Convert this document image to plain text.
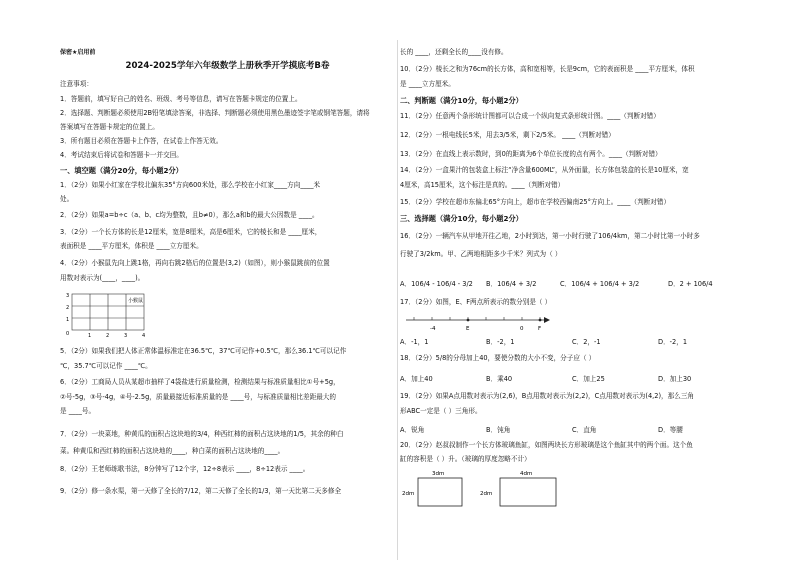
保密★启用前
2024-2025学年六年级数学上册秋季开学摸底考B卷
注意事项：
1．答题前，填写好自己的姓名、班级、考号等信息，请写在答题卡规定的位置上。
2．选择题、判断题必须使用2B铅笔填涂答案，非选择、判断题必须使用黑色墨迹签字笔或钢笔答题，请将
答案填写在答题卡规定的位置上。
3．所有题目必须在答题卡上作答，在试卷上作答无效。
4．考试结束后将试卷和答题卡一并交回。
一、填空题（满分20分，每小题2分）
1．（2分）如果小红家在学校北偏东35°方向600米处，那么学校在小红家____方向____米
处。
2．（2分）如果a=b÷c（a、b、c均为整数，且b≠0），那么a和b的最大公因数是 ____。
3．（2分）一个长方体的长是12厘米，宽是8厘米，高是6厘米，它的棱长和是 ____厘米，
表面积是 ____平方厘米，体积是 ____立方厘米。
4．（2分）小猴鼠先向上跳1格，再向右跳2格后的位置是(3,2)（如图），则小猴鼠跳前的位置
用数对表示为(____，____)。
3
2
1
0	1	2	3	4
小猴鼠
5．（2分）如果我们把人体正常体温标准定在36.5℃，37℃可记作+0.5℃，那么36.1℃可以记作
℃，35.7℃可以记作 ____℃。
6．（2分）工商局人员从某超市抽样了4袋盐进行质量检测，检测结果与标准质量相比①号+5g，
②号-5g，③号-4g，④号-2.5g，质量最接近标准质量的是 ____号，与标准质量相比差距最大的
是 ____号。
7．（2分）一块菜地，种黄瓜的面积占这块地的3/4，种西红柿的面积占这块地的1/5，其余的种白
菜。种黄瓜和西红柿的面积占这块地的____，种白菜的面积占这块地的____。
8．（2分）王老师练歌书法，8分钟写了12个字，12÷8表示 ____，8÷12表示 ____。
9．（2分）修一条水渠，第一天修了全长的7/12，第二天修了全长的1/3，第一天比第二天多修全
长的 ____，还剩全长的____没有修。
10．（2分）棱长之和为76cm的长方体，高和宽相等，长是9cm，它的表面积是 ____平方厘米，体积
是 ____立方厘米。
二、判断题（满分10分，每小题2分）
11．（2分）任意两个条形统计图都可以合成一个纵向复式条形统计图。____（判断对错）
12．（2分）一根电线长5米，用去3/5米，剩下2/5米。 ____（判断对错）
13．（2分）在直线上表示数时，到0的距离为6个单位长度的点有两个。____（判断对错）
14．（2分）一盒果汁的包装盒上标注“净含量600ML”，从外面量，长方体包装盒的长是10厘米，宽
4厘米，高15厘米，这个标注是真的。____（判断对错）
15．（2分）学校在超市东偏北65°方向上，超市在学校西偏南25°方向上。____（判断对错）
三、选择题（满分10分，每小题2分）
16．（2分）一辆汽车从甲地开往乙地，2小时到达，第一小时行驶了106/4km，第二小时比第一小时多
行驶了3/2km。甲、乙两地相距多少千米？列式为（ ）
A．106/4 - 106/4 - 3/2 B．106/4 + 3/2	C．106/4 + 106/4 + 3/2	D．2 + 106/4
17．（2分）如图，E、F两点所表示的数分别是（ ）
-4	E	0	F
A．-1，1	B．-2，1	C．2，-1	D．-2，1
18．（2分）5/8的分母加上40，要使分数的大小不变，分子应（ ）
A．加上40	B．乘40	C．加上25	D．加上30
19．（2分）如果A点用数对表示为(2,6)，B点用数对表示为(2,2)，C点用数对表示为(4,2)，那么三角
形ABC一定是（ ）三角形。
A．锐角	B．钝角	C．直角	D．等腰
20．（2分）赵叔叔制作一个长方体玻璃鱼缸，如图两块长方形玻璃是这个鱼缸其中的两个面。这个鱼
缸的容积是（ ）升。（玻璃的厚度忽略不计）
3dm
2dm
4dm
2dm
